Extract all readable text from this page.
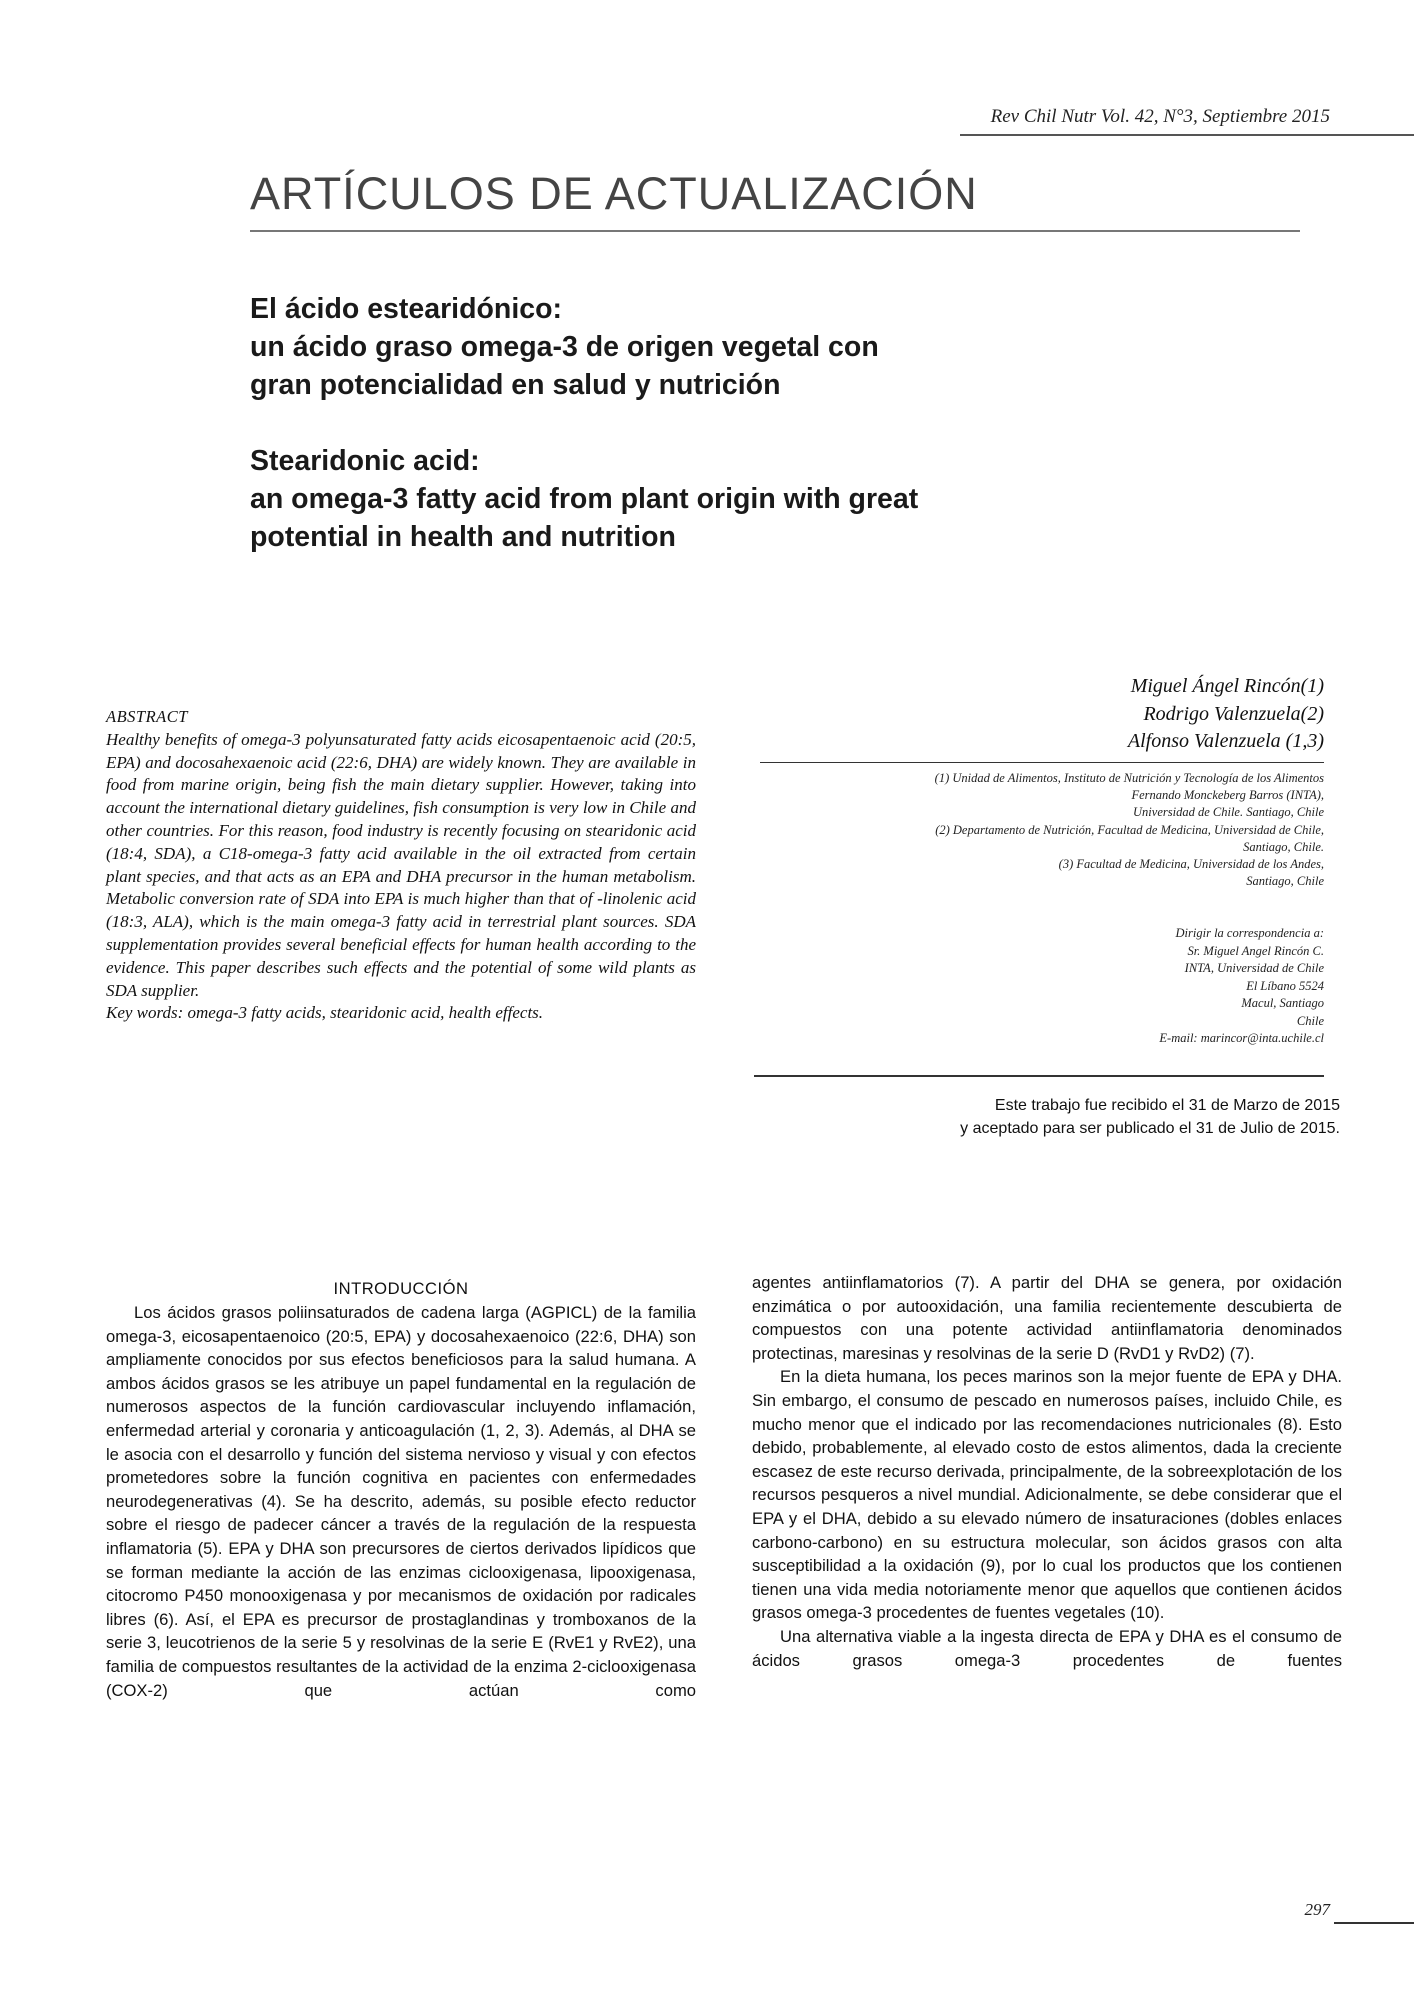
Rev Chil Nutr Vol. 42, N°3, Septiembre 2015
ARTÍCULOS DE ACTUALIZACIÓN
El ácido estearidónico:
un ácido graso omega-3 de origen vegetal con
gran potencialidad en salud y nutrición
Stearidonic acid:
an omega-3 fatty acid from plant origin with great
potential in health and nutrition
ABSTRACT

Healthy benefits of omega-3 polyunsaturated fatty acids eicosapentaenoic acid (20:5, EPA) and docosahexaenoic acid (22:6, DHA) are widely known. They are available in food from marine origin, being fish the main dietary supplier. However, taking into account the international dietary guidelines, fish consumption is very low in Chile and other countries. For this reason, food industry is recently focusing on stearidonic acid (18:4, SDA), a C18-omega-3 fatty acid available in the oil extracted from certain plant species, and that acts as an EPA and DHA precursor in the human metabolism. Metabolic conversion rate of SDA into EPA is much higher than that of -linolenic acid (18:3, ALA), which is the main omega-3 fatty acid in terrestrial plant sources. SDA supplementation provides several beneficial effects for human health according to the evidence. This paper describes such effects and the potential of some wild plants as SDA supplier.

Key words: omega-3 fatty acids, stearidonic acid, health effects.

Miguel Ángel Rincón(1)
Rodrigo Valenzuela(2)
Alfonso Valenzuela (1,3)
(1) Unidad de Alimentos, Instituto de Nutrición y Tecnología de los Alimentos
Fernando Monckeberg Barros (INTA),
Universidad de Chile. Santiago, Chile
(2) Departamento de Nutrición, Facultad de Medicina, Universidad de Chile,
Santiago, Chile.
(3) Facultad de Medicina, Universidad de los Andes,
Santiago, Chile
Dirigir la correspondencia a:
Sr. Miguel Angel Rincón C.
INTA, Universidad de Chile
El Líbano 5524
Macul, Santiago
Chile
E-mail: marincor@inta.uchile.cl
Este trabajo fue recibido el 31 de Marzo de 2015
y aceptado para ser publicado el 31 de Julio de 2015.
INTRODUCCIÓN

Los ácidos grasos poliinsaturados de cadena larga (AGPICL) de la familia omega-3, eicosapentaenoico (20:5, EPA) y docosahexaenoico (22:6, DHA) son ampliamente conocidos por sus efectos beneficiosos para la salud humana. A ambos ácidos grasos se les atribuye un papel fundamental en la regulación de numerosos aspectos de la función cardiovascular incluyendo inflamación, enfermedad arterial y coronaria y anticoagulación (1, 2, 3). Además, al DHA se le asocia con el desarrollo y función del sistema nervioso y visual y con efectos prometedores sobre la función cognitiva en pacientes con enfermedades neurodegenerativas (4). Se ha descrito, además, su posible efecto reductor sobre el riesgo de padecer cáncer a través de la regulación de la respuesta inflamatoria (5). EPA y DHA son precursores de ciertos derivados lipídicos que se forman mediante la acción de las enzimas ciclooxigenasa, lipooxigenasa, citocromo P450 monooxigenasa y por mecanismos de oxidación por radicales libres (6). Así, el EPA es precursor de prostaglandinas y tromboxanos de la serie 3, leucotrienos de la serie 5 y resolvinas de la serie E (RvE1 y RvE2), una familia de compuestos resultantes de la actividad de la enzima 2-ciclooxigenasa (COX-2) que actúan como

agentes antiinflamatorios (7). A partir del DHA se genera, por oxidación enzimática o por autooxidación, una familia recientemente descubierta de compuestos con una potente actividad antiinflamatoria denominados protectinas, maresinas y resolvinas de la serie D (RvD1 y RvD2) (7).

En la dieta humana, los peces marinos son la mejor fuente de EPA y DHA. Sin embargo, el consumo de pescado en numerosos países, incluido Chile, es mucho menor que el indicado por las recomendaciones nutricionales (8). Esto debido, probablemente, al elevado costo de estos alimentos, dada la creciente escasez de este recurso derivada, principalmente, de la sobreexplotación de los recursos pesqueros a nivel mundial. Adicionalmente, se debe considerar que el EPA y el DHA, debido a su elevado número de insaturaciones (dobles enlaces carbono-carbono) en su estructura molecular, son ácidos grasos con alta susceptibilidad a la oxidación (9), por lo cual los productos que los contienen tienen una vida media notoriamente menor que aquellos que contienen ácidos grasos omega-3 procedentes de fuentes vegetales (10).

Una alternativa viable a la ingesta directa de EPA y DHA es el consumo de ácidos grasos omega-3 procedentes de fuentes

297
